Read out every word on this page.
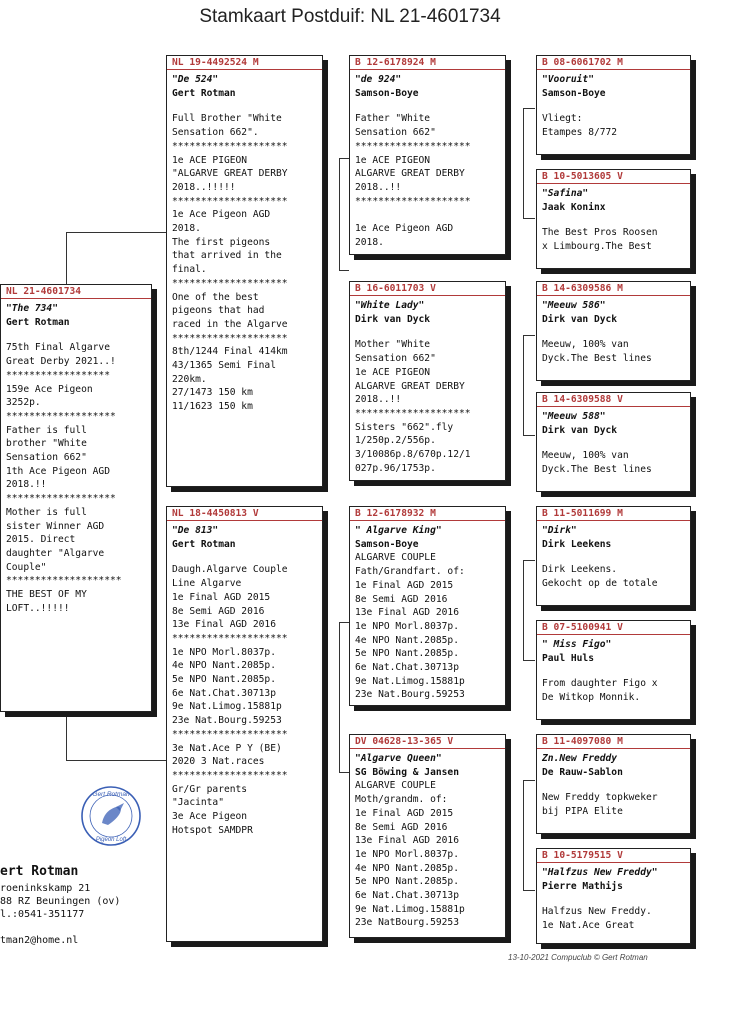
Stamkaart Postduif: NL 21-4601734
NL 21-4601734
"The 734"
Gert Rotman
75th Final Algarve
Great Derby 2021..!
******************
159e Ace Pigeon
3252p.
*******************
Father is full
brother "White
Sensation 662"
1th Ace Pigeon AGD
2018.!!
*******************
Mother is full
sister Winner AGD
2015. Direct
daughter "Algarve
Couple"
********************
THE BEST OF MY
LOFT..!!!!!
NL 19-4492524 M
"De 524"
Gert Rotman
Full Brother "White
Sensation 662".
********************
1e ACE PIGEON
"ALGARVE GREAT DERBY
2018..!!!!!
********************
1e Ace Pigeon AGD
2018.
The first pigeons
that arrived in the
final.
********************
One of the best
pigeons that had
raced in the Algarve
********************
8th/1244 Final 414km
43/1365 Semi Final
220km.
27/1473 150 km
11/1623 150 km
NL 18-4450813 V
"De 813"
Gert Rotman
Daugh.Algarve Couple
Line Algarve
1e Final AGD 2015
8e Semi AGD 2016
13e Final AGD 2016
********************
1e NPO Morl.8037p.
4e NPO Nant.2085p.
5e NPO Nant.2085p.
6e Nat.Chat.30713p
9e Nat.Limog.15881p
23e Nat.Bourg.59253
********************
3e Nat.Ace P Y (BE)
2020 3 Nat.races
********************
Gr/Gr parents
"Jacinta"
3e Ace Pigeon
Hotspot SAMDPR
B 12-6178924 M
"de 924"
Samson-Boye
Father "White
Sensation 662"
********************
1e ACE PIGEON
ALGARVE GREAT DERBY
2018..!!
********************
1e Ace Pigeon AGD
2018.
B 16-6011703 V
"White Lady"
Dirk van Dyck
Mother "White
Sensation 662"
1e ACE PIGEON
ALGARVE GREAT DERBY
2018..!!
********************
Sisters "662".fly
1/250p.2/556p.
3/10086p.8/670p.12/1
027p.96/1753p.
B 12-6178932 M
" Algarve King"
Samson-Boye
ALGARVE COUPLE
Fath/Grandfart. of:
1e Final AGD 2015
8e Semi AGD 2016
13e Final AGD 2016
1e NPO Morl.8037p.
4e NPO Nant.2085p.
5e NPO Nant.2085p.
6e Nat.Chat.30713p
9e Nat.Limog.15881p
23e Nat.Bourg.59253
DV 04628-13-365 V
"Algarve Queen"
SG Böwing & Jansen
ALGARVE COUPLE
Moth/grandm. of:
1e Final AGD 2015
8e Semi AGD 2016
13e Final AGD 2016
1e NPO Morl.8037p.
4e NPO Nant.2085p.
5e NPO Nant.2085p.
6e Nat.Chat.30713p
9e Nat.Limog.15881p
23e NatBourg.59253
B 08-6061702 M
"Vooruit"
Samson-Boye
Vliegt:
Etampes 8/772
B 10-5013605 V
"Safina"
Jaak Koninx
The Best Pros Roosen
x Limbourg.The Best
B 14-6309586 M
"Meeuw 586"
Dirk van Dyck
Meeuw, 100% van
Dyck.The Best lines
B 14-6309588 V
"Meeuw 588"
Dirk van Dyck
Meeuw, 100% van
Dyck.The Best lines
B 11-5011699 M
"Dirk"
Dirk Leekens
Dirk Leekens.
Gekocht op de totale
B 07-5100941 V
" Miss Figo"
Paul Huls
From daughter Figo x
De Witkop Monnik.
B 11-4097080 M
Zn.New Freddy
De Rauw-Sablon
New Freddy topkweker
bij PIPA Elite
B 10-5179515 V
"Halfzus New Freddy"
Pierre Mathijs
Halfzus New Freddy.
1e Nat.Ace Great
Gert Rotman
Pigeon Loft
ert Rotman
roeninkskamp 21
88 RZ Beuningen (ov)
l.:0541-351177
tman2@home.nl
13-10-2021 Compuclub © Gert Rotman
